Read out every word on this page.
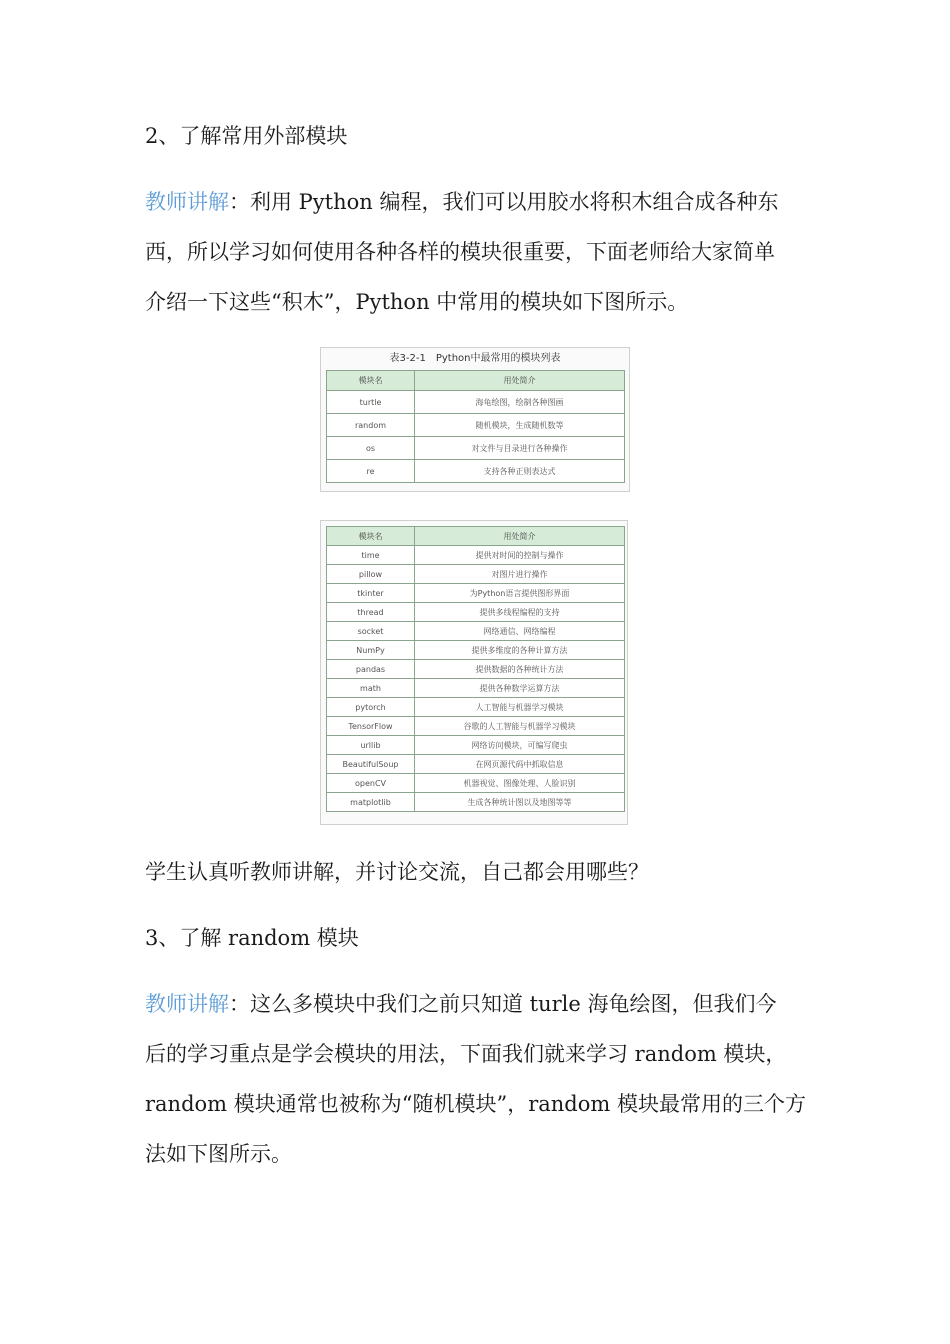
2、了解常用外部模块
教师讲解：利用 Python 编程，我们可以用胶水将积木组合成各种东
西，所以学习如何使用各种各样的模块很重要，下面老师给大家简单
介绍一下这些“积木”，Python 中常用的模块如下图所示。
表3-2-1　Python中最常用的模块列表
模块名	用处简介
turtle	海龟绘图，绘制各种图画
random	随机模块，生成随机数等
os	对文件与目录进行各种操作
re	支持各种正则表达式
模块名	用处简介
time	提供对时间的控制与操作
pillow	对图片进行操作
tkinter	为Python语言提供图形界面
thread	提供多线程编程的支持
socket	网络通信、网络编程
NumPy	提供多维度的各种计算方法
pandas	提供数据的各种统计方法
math	提供各种数学运算方法
pytorch	人工智能与机器学习模块
TensorFlow	谷歌的人工智能与机器学习模块
urllib	网络访问模块，可编写爬虫
BeautifulSoup	在网页源代码中抓取信息
openCV	机器视觉、图像处理、人脸识别
matplotlib	生成各种统计图以及地图等等
学生认真听教师讲解，并讨论交流，自己都会用哪些？
3、了解 random 模块
教师讲解：这么多模块中我们之前只知道 turle 海龟绘图，但我们今
后的学习重点是学会模块的用法，下面我们就来学习 random 模块，
random 模块通常也被称为“随机模块”，random 模块最常用的三个方
法如下图所示。
